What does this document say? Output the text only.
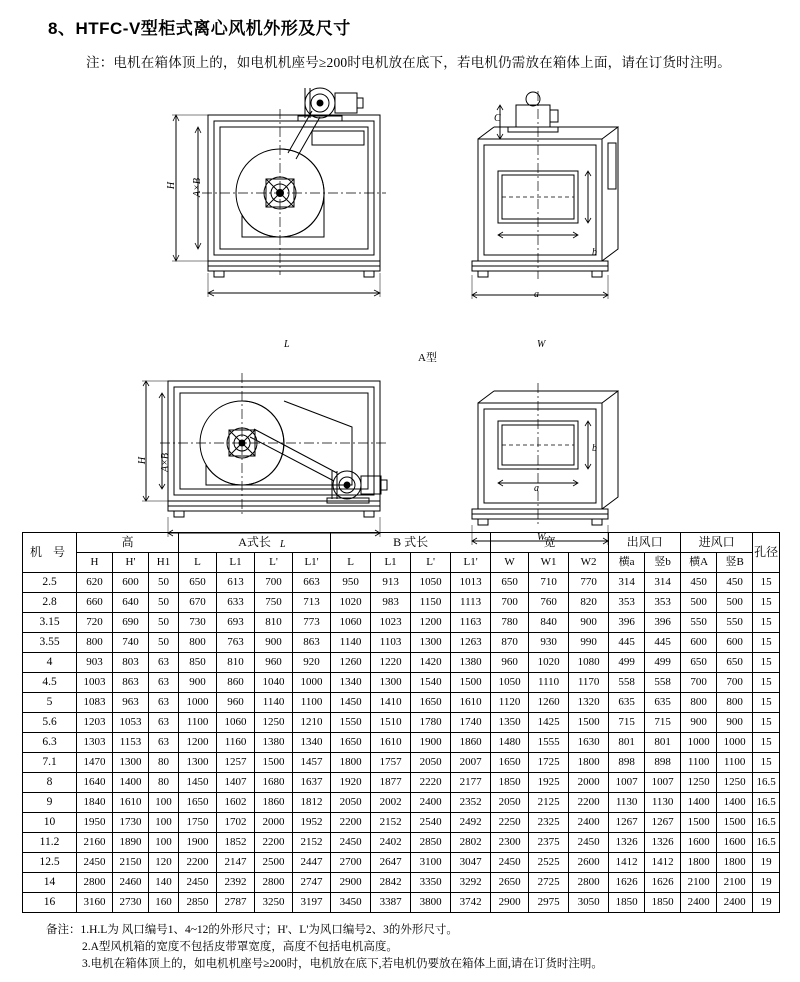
8、HTFC-V型柜式离心风机外形及尺寸
注：电机在箱体顶上的，如电机机座号≥200时电机放在底下，若电机仍需放在箱体上面，请在订货时注明。
H A×B
L
C
b
a
W
A型
H A×B
L
b
a
W
机 号	高			A式长				B 式长				宽			出风口		进风口		孔径
	H	H'	H1	L	L1	L'	L1'	L	L1	L'	L1'	W	W1	W2	横a	竖b	横A	竖B	
2.5	620	600	50	650	613	700	663	950	913	1050	1013	650	710	770	314	314	450	450	15
2.8	660	640	50	670	633	750	713	1020	983	1150	1113	700	760	820	353	353	500	500	15
3.15	720	690	50	730	693	810	773	1060	1023	1200	1163	780	840	900	396	396	550	550	15
3.55	800	740	50	800	763	900	863	1140	1103	1300	1263	870	930	990	445	445	600	600	15
4	903	803	63	850	810	960	920	1260	1220	1420	1380	960	1020	1080	499	499	650	650	15
4.5	1003	863	63	900	860	1040	1000	1340	1300	1540	1500	1050	1110	1170	558	558	700	700	15
5	1083	963	63	1000	960	1140	1100	1450	1410	1650	1610	1120	1260	1320	635	635	800	800	15
5.6	1203	1053	63	1100	1060	1250	1210	1550	1510	1780	1740	1350	1425	1500	715	715	900	900	15
6.3	1303	1153	63	1200	1160	1380	1340	1650	1610	1900	1860	1480	1555	1630	801	801	1000	1000	15
7.1	1470	1300	80	1300	1257	1500	1457	1800	1757	2050	2007	1650	1725	1800	898	898	1100	1100	15
8	1640	1400	80	1450	1407	1680	1637	1920	1877	2220	2177	1850	1925	2000	1007	1007	1250	1250	16.5
9	1840	1610	100	1650	1602	1860	1812	2050	2002	2400	2352	2050	2125	2200	1130	1130	1400	1400	16.5
10	1950	1730	100	1750	1702	2000	1952	2200	2152	2540	2492	2250	2325	2400	1267	1267	1500	1500	16.5
11.2	2160	1890	100	1900	1852	2200	2152	2450	2402	2850	2802	2300	2375	2450	1326	1326	1600	1600	16.5
12.5	2450	2150	120	2200	2147	2500	2447	2700	2647	3100	3047	2450	2525	2600	1412	1412	1800	1800	19
14	2800	2460	140	2450	2392	2800	2747	2900	2842	3350	3292	2650	2725	2800	1626	1626	2100	2100	19
16	3160	2730	160	2850	2787	3250	3197	3450	3387	3800	3742	2900	2975	3050	1850	1850	2400	2400	19
备注：1.H.L为 风口编号1、4~12的外形尺寸；H'、L'为风口编号2、3的外形尺寸。
2.A型风机箱的宽度不包括皮带罩宽度，高度不包括电机高度。
3.电机在箱体顶上的，如电机机座号≥200时，电机放在底下,若电机仍要放在箱体上面,请在订货时注明。
